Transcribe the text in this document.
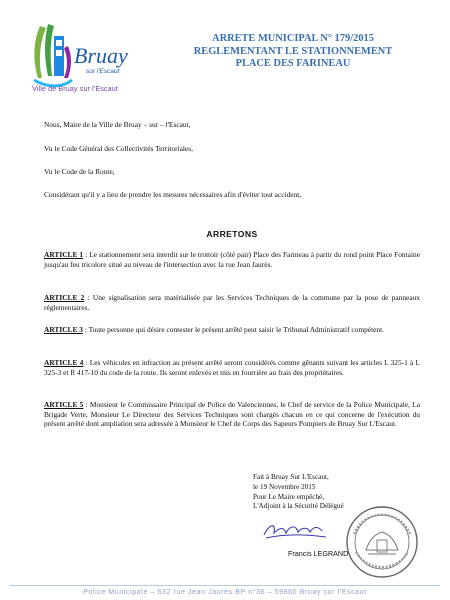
Bruay
sur l'Escaut
Ville de Bruay sur l'Escaut
ARRETE MUNICIPAL N° 179/2015
REGLEMENTANT LE STATIONNEMENT
PLACE DES FARINEAU
Nous, Maire de la Ville de Bruay – sur – l'Escaut,
Vu le Code Général des Collectivités Territoriales,
Vu le Code de la Route,
Considérant qu'il y a lieu de prendre les mesures nécessaires afin d'éviter tout accident,
ARRETONS
ARTICLE 1 : Le stationnement sera interdit sur le trottoir (côté pair) Place des Farineau à partir du rond point Place Fontaine jusqu'au feu tricolore situé au niveau de l'intersection avec la rue Jean Jaurès.
ARTICLE 2 : Une signalisation sera matérialisée par les Services Techniques de la commune par la pose de panneaux réglementaires.
ARTICLE 3 : Toute personne qui désire contester le présent arrêté peut saisir le Tribunal Administratif compétent.
ARTICLE 4 : Les véhicules en infraction au présent arrêté seront considérés comme gênants suivant les articles L 325-1 à L 325-3 et R 417-10 du code de la route. Ils seront enlevés et mis en fourrière au frais des propriétaires.
ARTICLE 5 : Monsieur le Commissaire Principal de Police de Valenciennes, le Chef de service de la Police Municipale, La Brigade Verte, Monsieur Le Directeur des Services Techniques sont chargés chacun en ce qui concerne de l'exécution du présent arrêté dont ampliation sera adressée à Monsieur le Chef de Corps des Sapeurs Pompiers de Bruay Sur L'Escaut.
Fait à Bruay Sur L'Escaut,
le 19 Novembre 2015
Pour Le Maire empêché,
L'Adjoint à la Sécurité Délégué
Francis LEGRAND
Police Municipale – 632 rue Jean Jaurès BP n°36 – 59860 Bruay sur l'Escaut
